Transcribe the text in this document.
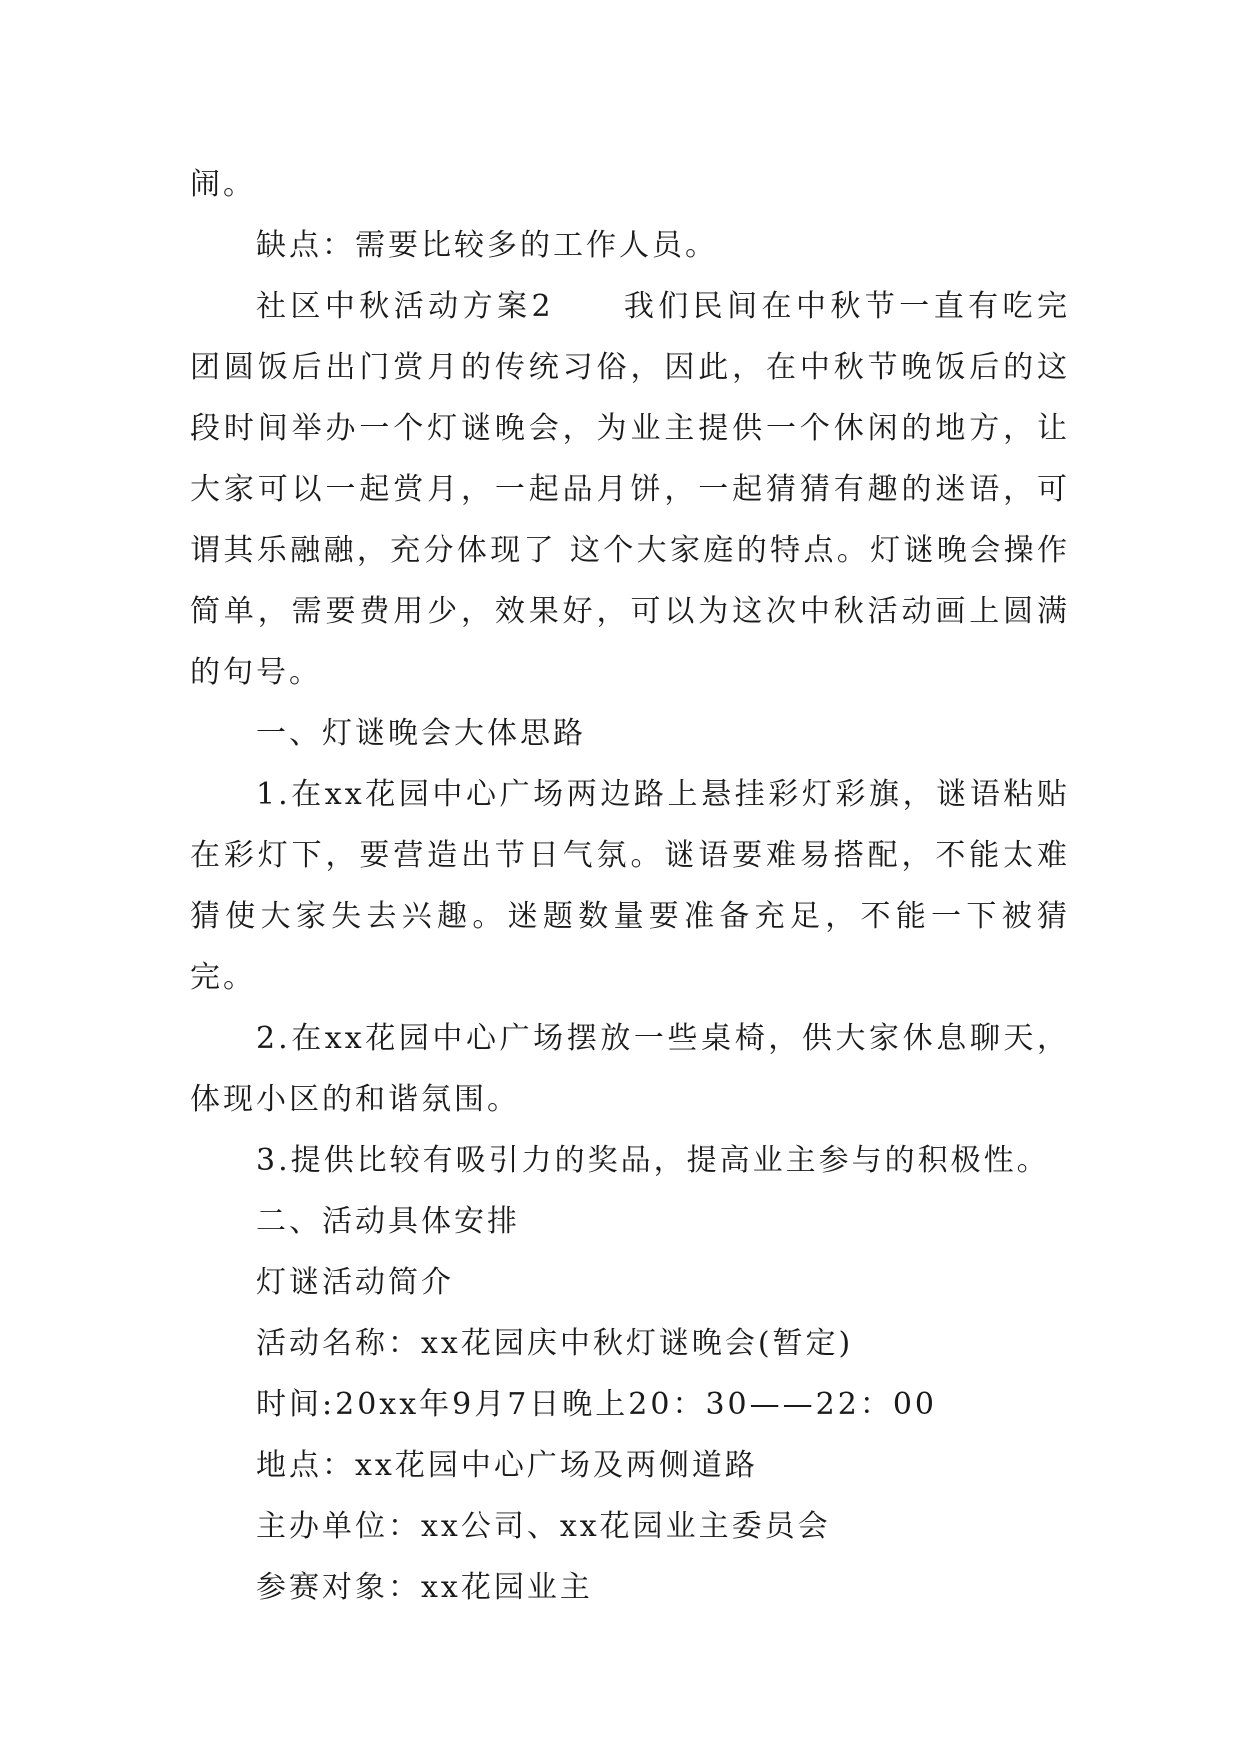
闹。

缺点：需要比较多的工作人员。

社区中秋活动方案2　　我们民间在中秋节一直有吃完团圆饭后出门赏月的传统习俗，因此，在中秋节晚饭后的这段时间举办一个灯谜晚会，为业主提供一个休闲的地方，让大家可以一起赏月，一起品月饼，一起猜猜有趣的迷语，可谓其乐融融，充分体现了 这个大家庭的特点。灯谜晚会操作简单，需要费用少，效果好，可以为这次中秋活动画上圆满的句号。

一、灯谜晚会大体思路

1.在xx花园中心广场两边路上悬挂彩灯彩旗，谜语粘贴在彩灯下，要营造出节日气氛。谜语要难易搭配，不能太难猜使大家失去兴趣。迷题数量要准备充足，不能一下被猜完。

2.在xx花园中心广场摆放一些桌椅，供大家休息聊天，体现小区的和谐氛围。

3.提供比较有吸引力的奖品，提高业主参与的积极性。

二、活动具体安排

灯谜活动简介

活动名称：xx花园庆中秋灯谜晚会(暂定)

时间:20xx年9月7日晚上20：30——22：00

地点：xx花园中心广场及两侧道路

主办单位：xx公司、xx花园业主委员会

参赛对象：xx花园业主
